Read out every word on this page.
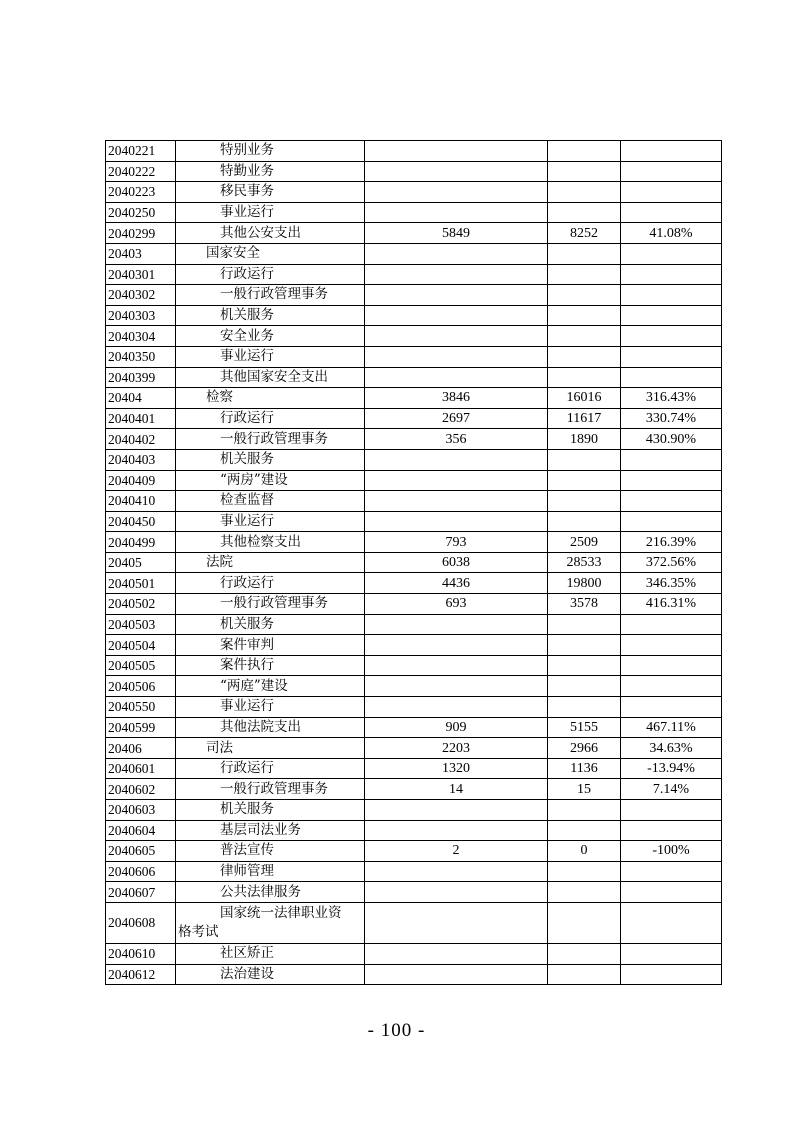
2040221	特别业务			
2040222	特勤业务			
2040223	移民事务			
2040250	事业运行			
2040299	其他公安支出	5849	8252	41.08%
20403	国家安全			
2040301	行政运行			
2040302	一般行政管理事务			
2040303	机关服务			
2040304	安全业务			
2040350	事业运行			
2040399	其他国家安全支出			
20404	检察	3846	16016	316.43%
2040401	行政运行	2697	11617	330.74%
2040402	一般行政管理事务	356	1890	430.90%
2040403	机关服务			
2040409	“两房”建设			
2040410	检查监督			
2040450	事业运行			
2040499	其他检察支出	793	2509	216.39%
20405	法院	6038	28533	372.56%
2040501	行政运行	4436	19800	346.35%
2040502	一般行政管理事务	693	3578	416.31%
2040503	机关服务			
2040504	案件审判			
2040505	案件执行			
2040506	“两庭”建设			
2040550	事业运行			
2040599	其他法院支出	909	5155	467.11%
20406	司法	2203	2966	34.63%
2040601	行政运行	1320	1136	-13.94%
2040602	一般行政管理事务	14	15	7.14%
2040603	机关服务			
2040604	基层司法业务			
2040605	普法宣传	2	0	-100%
2040606	律师管理			
2040607	公共法律服务			
2040608	国家统一法律职业资
格考试			
2040610	社区矫正			
2040612	法治建设			
- 100 -
